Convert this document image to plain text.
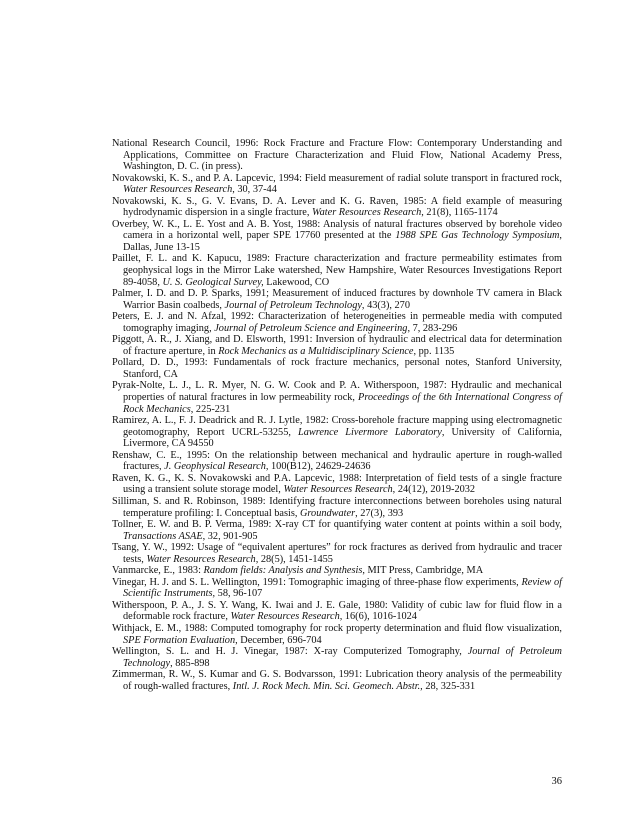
National Research Council, 1996: Rock Fracture and Fracture Flow: Contemporary Understanding and Applications, Committee on Fracture Characterization and Fluid Flow, National Academy Press, Washington, D. C. (in press).

Novakowski, K. S., and P. A. Lapcevic, 1994: Field measurement of radial solute transport in fractured rock, Water Resources Research, 30, 37-44

Novakowski, K. S., G. V. Evans, D. A. Lever and K. G. Raven, 1985: A field example of measuring hydrodynamic dispersion in a single fracture, Water Resources Research, 21(8), 1165-1174

Overbey, W. K., L. E. Yost and A. B. Yost, 1988: Analysis of natural fractures observed by borehole video camera in a horizontal well, paper SPE 17760 presented at the 1988 SPE Gas Technology Symposium, Dallas, June 13-15

Paillet, F. L. and K. Kapucu, 1989: Fracture characterization and fracture permeability estimates from geophysical logs in the Mirror Lake watershed, New Hampshire, Water Resources Investigations Report 89-4058, U. S. Geological Survey, Lakewood, CO

Palmer, I. D. and D. P. Sparks, 1991; Measurement of induced fractures by downhole TV camera in Black Warrior Basin coalbeds, Journal of Petroleum Technology, 43(3), 270

Peters, E. J. and N. Afzal, 1992: Characterization of heterogeneities in permeable media with computed tomography imaging, Journal of Petroleum Science and Engineering, 7, 283-296

Piggott, A. R., J. Xiang, and D. Elsworth, 1991: Inversion of hydraulic and electrical data for determination of fracture aperture, in Rock Mechanics as a Multidisciplinary Science, pp. 1135

Pollard, D. D., 1993: Fundamentals of rock fracture mechanics, personal notes, Stanford University, Stanford, CA

Pyrak-Nolte, L. J., L. R. Myer, N. G. W. Cook and P. A. Witherspoon, 1987: Hydraulic and mechanical properties of natural fractures in low permeability rock, Proceedings of the 6th International Congress of Rock Mechanics, 225-231

Ramirez, A. L., F. J. Deadrick and R. J. Lytle, 1982: Cross-borehole fracture mapping using electromagnetic geotomography, Report UCRL-53255, Lawrence Livermore Laboratory, University of California, Livermore, CA 94550

Renshaw, C. E., 1995: On the relationship between mechanical and hydraulic aperture in rough-walled fractures, J. Geophysical Research, 100(B12), 24629-24636

Raven, K. G., K. S. Novakowski and P.A. Lapcevic, 1988: Interpretation of field tests of a single fracture using a transient solute storage model, Water Resources Research, 24(12), 2019-2032

Silliman, S. and R. Robinson, 1989: Identifying fracture interconnections between boreholes using natural temperature profiling: I. Conceptual basis, Groundwater, 27(3), 393

Tollner, E. W. and B. P. Verma, 1989: X-ray CT for quantifying water content at points within a soil body, Transactions ASAE, 32, 901-905

Tsang, Y. W., 1992: Usage of “equivalent apertures” for rock fractures as derived from hydraulic and tracer tests, Water Resources Research, 28(5), 1451-1455

Vanmarcke, E., 1983: Random fields: Analysis and Synthesis, MIT Press, Cambridge, MA

Vinegar, H. J. and S. L. Wellington, 1991: Tomographic imaging of three-phase flow experiments, Review of Scientific Instruments, 58, 96-107

Witherspoon, P. A., J. S. Y. Wang, K. Iwai and J. E. Gale, 1980: Validity of cubic law for fluid flow in a deformable rock fracture, Water Resources Research, 16(6), 1016-1024

Withjack, E. M., 1988: Computed tomography for rock property determination and fluid flow visualization, SPE Formation Evaluation, December, 696-704

Wellington, S. L. and H. J. Vinegar, 1987: X-ray Computerized Tomography, Journal of Petroleum Technology, 885-898

Zimmerman, R. W., S. Kumar and G. S. Bodvarsson, 1991: Lubrication theory analysis of the permeability of rough-walled fractures, Intl. J. Rock Mech. Min. Sci. Geomech. Abstr., 28, 325-331

36
